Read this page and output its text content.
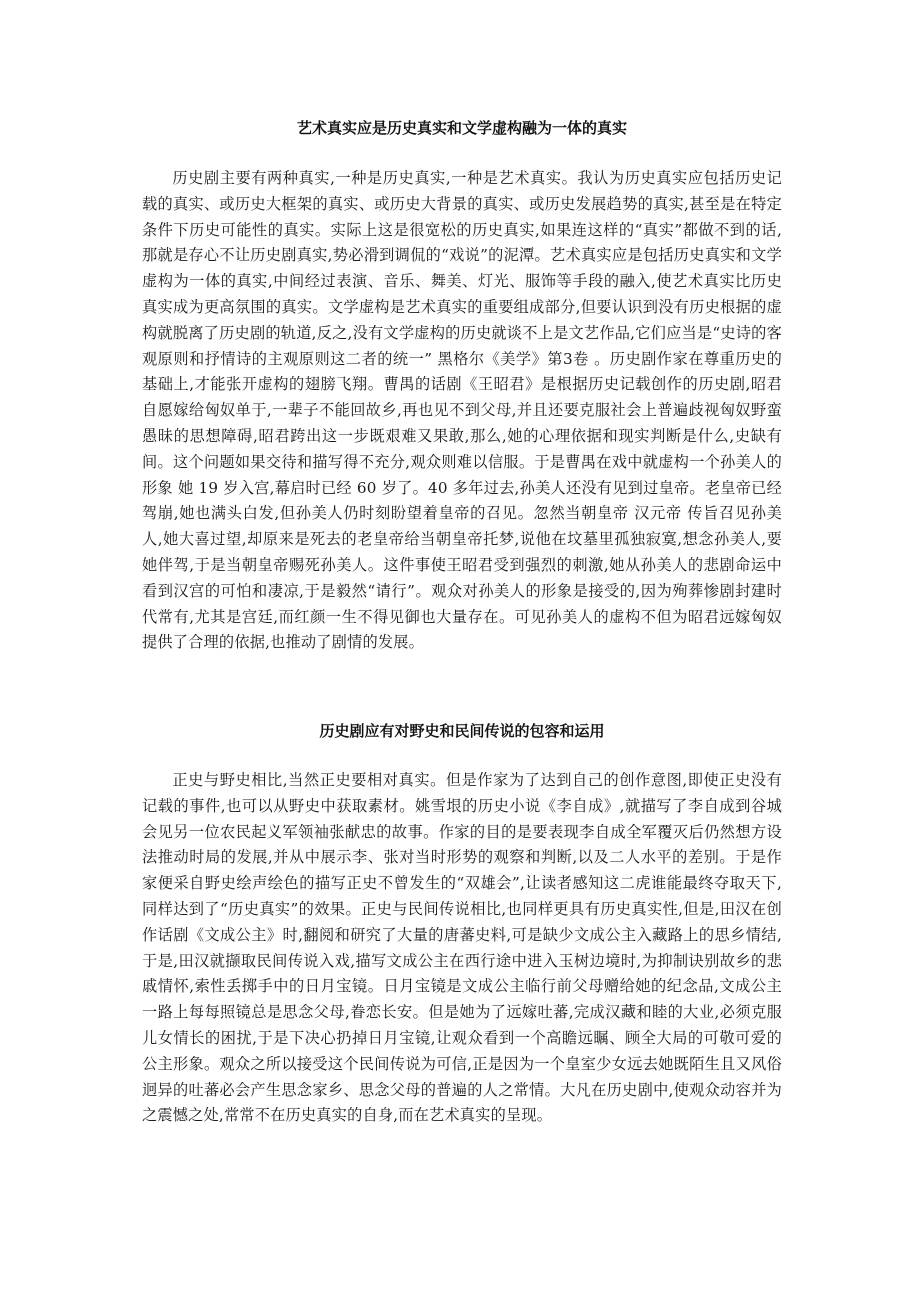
艺术真实应是历史真实和文学虚构融为一体的真实

历史剧主要有两种真实,一种是历史真实,一种是艺术真实。我认为历史真实应包括历史记载的真实、或历史大框架的真实、或历史大背景的真实、或历史发展趋势的真实,甚至是在特定条件下历史可能性的真实。实际上这是很宽松的历史真实,如果连这样的“真实”都做不到的话,那就是存心不让历史剧真实,势必滑到调侃的“戏说”的泥潭。艺术真实应是包括历史真实和文学虚构为一体的真实,中间经过表演、音乐、舞美、灯光、服饰等手段的融入,使艺术真实比历史真实成为更高氛围的真实。文学虚构是艺术真实的重要组成部分,但要认识到没有历史根据的虚构就脱离了历史剧的轨道,反之,没有文学虚构的历史就谈不上是文艺作品,它们应当是“史诗的客观原则和抒情诗的主观原则这二者的统一” 黑格尔《美学》第3卷 。历史剧作家在尊重历史的基础上,才能张开虚构的翅膀飞翔。曹禺的话剧《王昭君》是根据历史记载创作的历史剧,昭君自愿嫁给匈奴单于,一辈子不能回故乡,再也见不到父母,并且还要克服社会上普遍歧视匈奴野蛮愚昧的思想障碍,昭君跨出这一步既艰难又果敢,那么,她的心理依据和现实判断是什么,史缺有间。这个问题如果交待和描写得不充分,观众则难以信服。于是曹禺在戏中就虚构一个孙美人的形象 她 19 岁入宫,幕启时已经 60 岁了。40 多年过去,孙美人还没有见到过皇帝。老皇帝已经驾崩,她也满头白发,但孙美人仍时刻盼望着皇帝的召见。忽然当朝皇帝 汉元帝 传旨召见孙美人,她大喜过望,却原来是死去的老皇帝给当朝皇帝托梦,说他在坟墓里孤独寂寞,想念孙美人,要她伴驾,于是当朝皇帝赐死孙美人。这件事使王昭君受到强烈的刺激,她从孙美人的悲剧命运中看到汉宫的可怕和凄凉,于是毅然“请行”。观众对孙美人的形象是接受的,因为殉葬惨剧封建时代常有,尤其是宫廷,而红颜一生不得见御也大量存在。可见孙美人的虚构不但为昭君远嫁匈奴提供了合理的依据,也推动了剧情的发展。

历史剧应有对野史和民间传说的包容和运用

正史与野史相比,当然正史要相对真实。但是作家为了达到自己的创作意图,即使正史没有记载的事件,也可以从野史中获取素材。姚雪垠的历史小说《李自成》,就描写了李自成到谷城会见另一位农民起义军领袖张献忠的故事。作家的目的是要表现李自成全军覆灭后仍然想方设法推动时局的发展,并从中展示李、张对当时形势的观察和判断,以及二人水平的差别。于是作家便采自野史绘声绘色的描写正史不曾发生的“双雄会”,让读者感知这二虎谁能最终夺取天下,同样达到了“历史真实”的效果。正史与民间传说相比,也同样更具有历史真实性,但是,田汉在创作话剧《文成公主》时,翻阅和研究了大量的唐蕃史料,可是缺少文成公主入藏路上的思乡情结,于是,田汉就撷取民间传说入戏,描写文成公主在西行途中进入玉树边境时,为抑制诀别故乡的悲戚情怀,索性丢掷手中的日月宝镜。日月宝镜是文成公主临行前父母赠给她的纪念品,文成公主一路上每每照镜总是思念父母,眷恋长安。但是她为了远嫁吐蕃,完成汉藏和睦的大业,必须克服儿女情长的困扰,于是下决心扔掉日月宝镜,让观众看到一个高瞻远瞩、顾全大局的可敬可爱的公主形象。观众之所以接受这个民间传说为可信,正是因为一个皇室少女远去她既陌生且又风俗迥异的吐蕃必会产生思念家乡、思念父母的普遍的人之常情。大凡在历史剧中,使观众动容并为之震憾之处,常常不在历史真实的自身,而在艺术真实的呈现。
